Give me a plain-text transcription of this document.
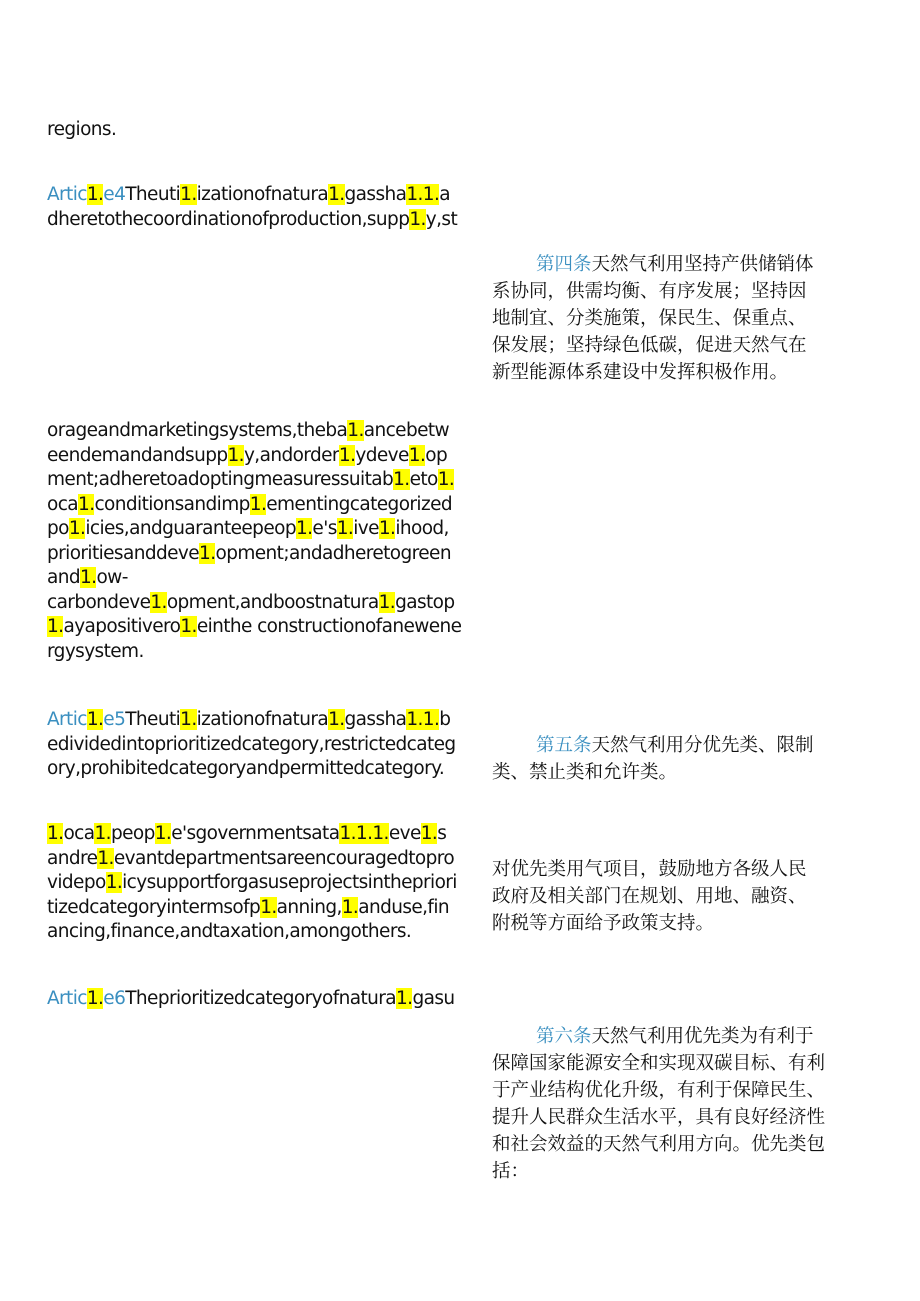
regions.
Artic1.e4Theuti1.izationofnatura1.gassha1.1.a
dheretothecoordinationofproduction,supp1.y,st
orageandmarketingsystems,theba1.ancebetw
eendemandandsupp1.y,andorder1.ydeve1.op
ment;adheretoadoptingmeasuressuitab1.eto1.
oca1.conditionsandimp1.ementingcategorized
po1.icies,andguaranteepeop1.e's1.ive1.ihood,
prioritiesanddeve1.opment;andadheretogreen
and1.ow-
carbondeve1.opment,andboostnatura1.gastop
1.ayapositivero1.einthe constructionofanewene
rgysystem.
Artic1.e5Theuti1.izationofnatura1.gassha1.1.b
edividedintoprioritizedcategory,restrictedcateg
ory,prohibitedcategoryandpermittedcategory.
1.oca1.peop1.e'sgovernmentsata1.1.1.eve1.s
andre1.evantdepartmentsareencouragedtopro
videpo1.icysupportforgasuseprojectsinthepriori
tizedcategoryintermsofp1.anning,1.anduse,fin
ancing,finance,andtaxation,amongothers.
Artic1.e6Theprioritizedcategoryofnatura1.gasu
第四条天然气利用坚持产供储销体
系协同，供需均衡、有序发展；坚持因
地制宜、分类施策，保民生、保重点、
保发展；坚持绿色低碳，促进天然气在
新型能源体系建设中发挥积极作用。
第五条天然气利用分优先类、限制
类、禁止类和允许类。
对优先类用气项目，鼓励地方各级人民
政府及相关部门在规划、用地、融资、
附税等方面给予政策支持。
第六条天然气利用优先类为有利于
保障国家能源安全和实现双碳目标、有利
于产业结构优化升级，有利于保障民生、
提升人民群众生活水平，具有良好经济性
和社会效益的天然气利用方向。优先类包
括：
